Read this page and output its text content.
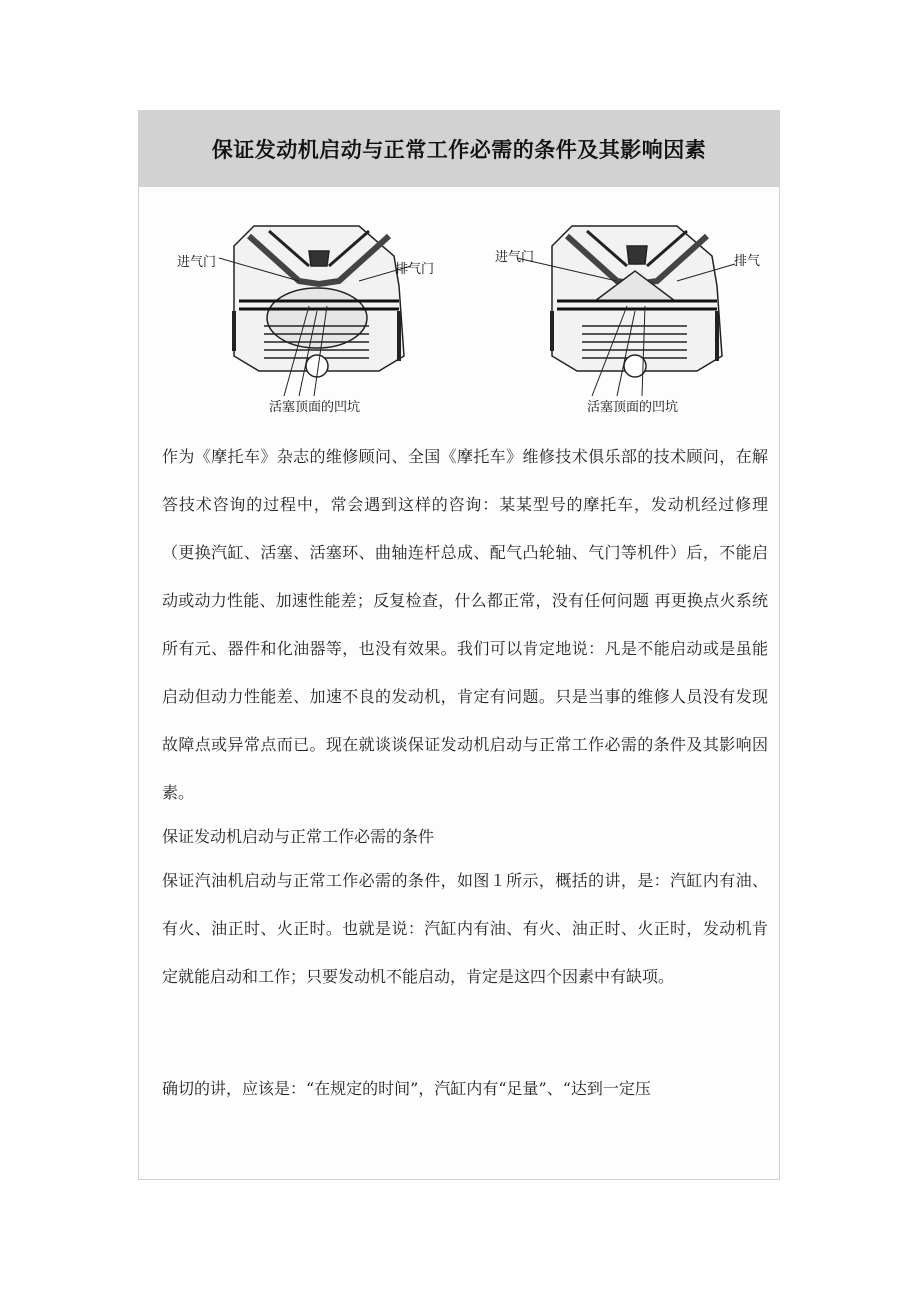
保证发动机启动与正常工作必需的条件及其影响因素
进气门	排气门
活塞顶面的凹坑
进气门	排气
活塞顶面的凹坑

作为《摩托车》杂志的维修顾问、全国《摩托车》维修技术俱乐部的技术顾问，在解答技术咨询的过程中，常会遇到这样的咨询：某某型号的摩托车，发动机经过修理（更换汽缸、活塞、活塞环、曲轴连杆总成、配气凸轮轴、气门等机件）后，不能启动或动力性能、加速性能差；反复检查，什么都正常，没有任何问题 再更换点火系统所有元、器件和化油器等，也没有效果。我们可以肯定地说：凡是不能启动或是虽能启动但动力性能差、加速不良的发动机，肯定有问题。只是当事的维修人员没有发现故障点或异常点而已。现在就谈谈保证发动机启动与正常工作必需的条件及其影响因素。

保证发动机启动与正常工作必需的条件

保证汽油机启动与正常工作必需的条件，如图１所示，概括的讲，是：汽缸内有油、有火、油正时、火正时。也就是说：汽缸内有油、有火、油正时、火正时，发动机肯定就能启动和工作；只要发动机不能启动，肯定是这四个因素中有缺项。

确切的讲，应该是：“在规定的时间”，汽缸内有“足量”、“达到一定压
